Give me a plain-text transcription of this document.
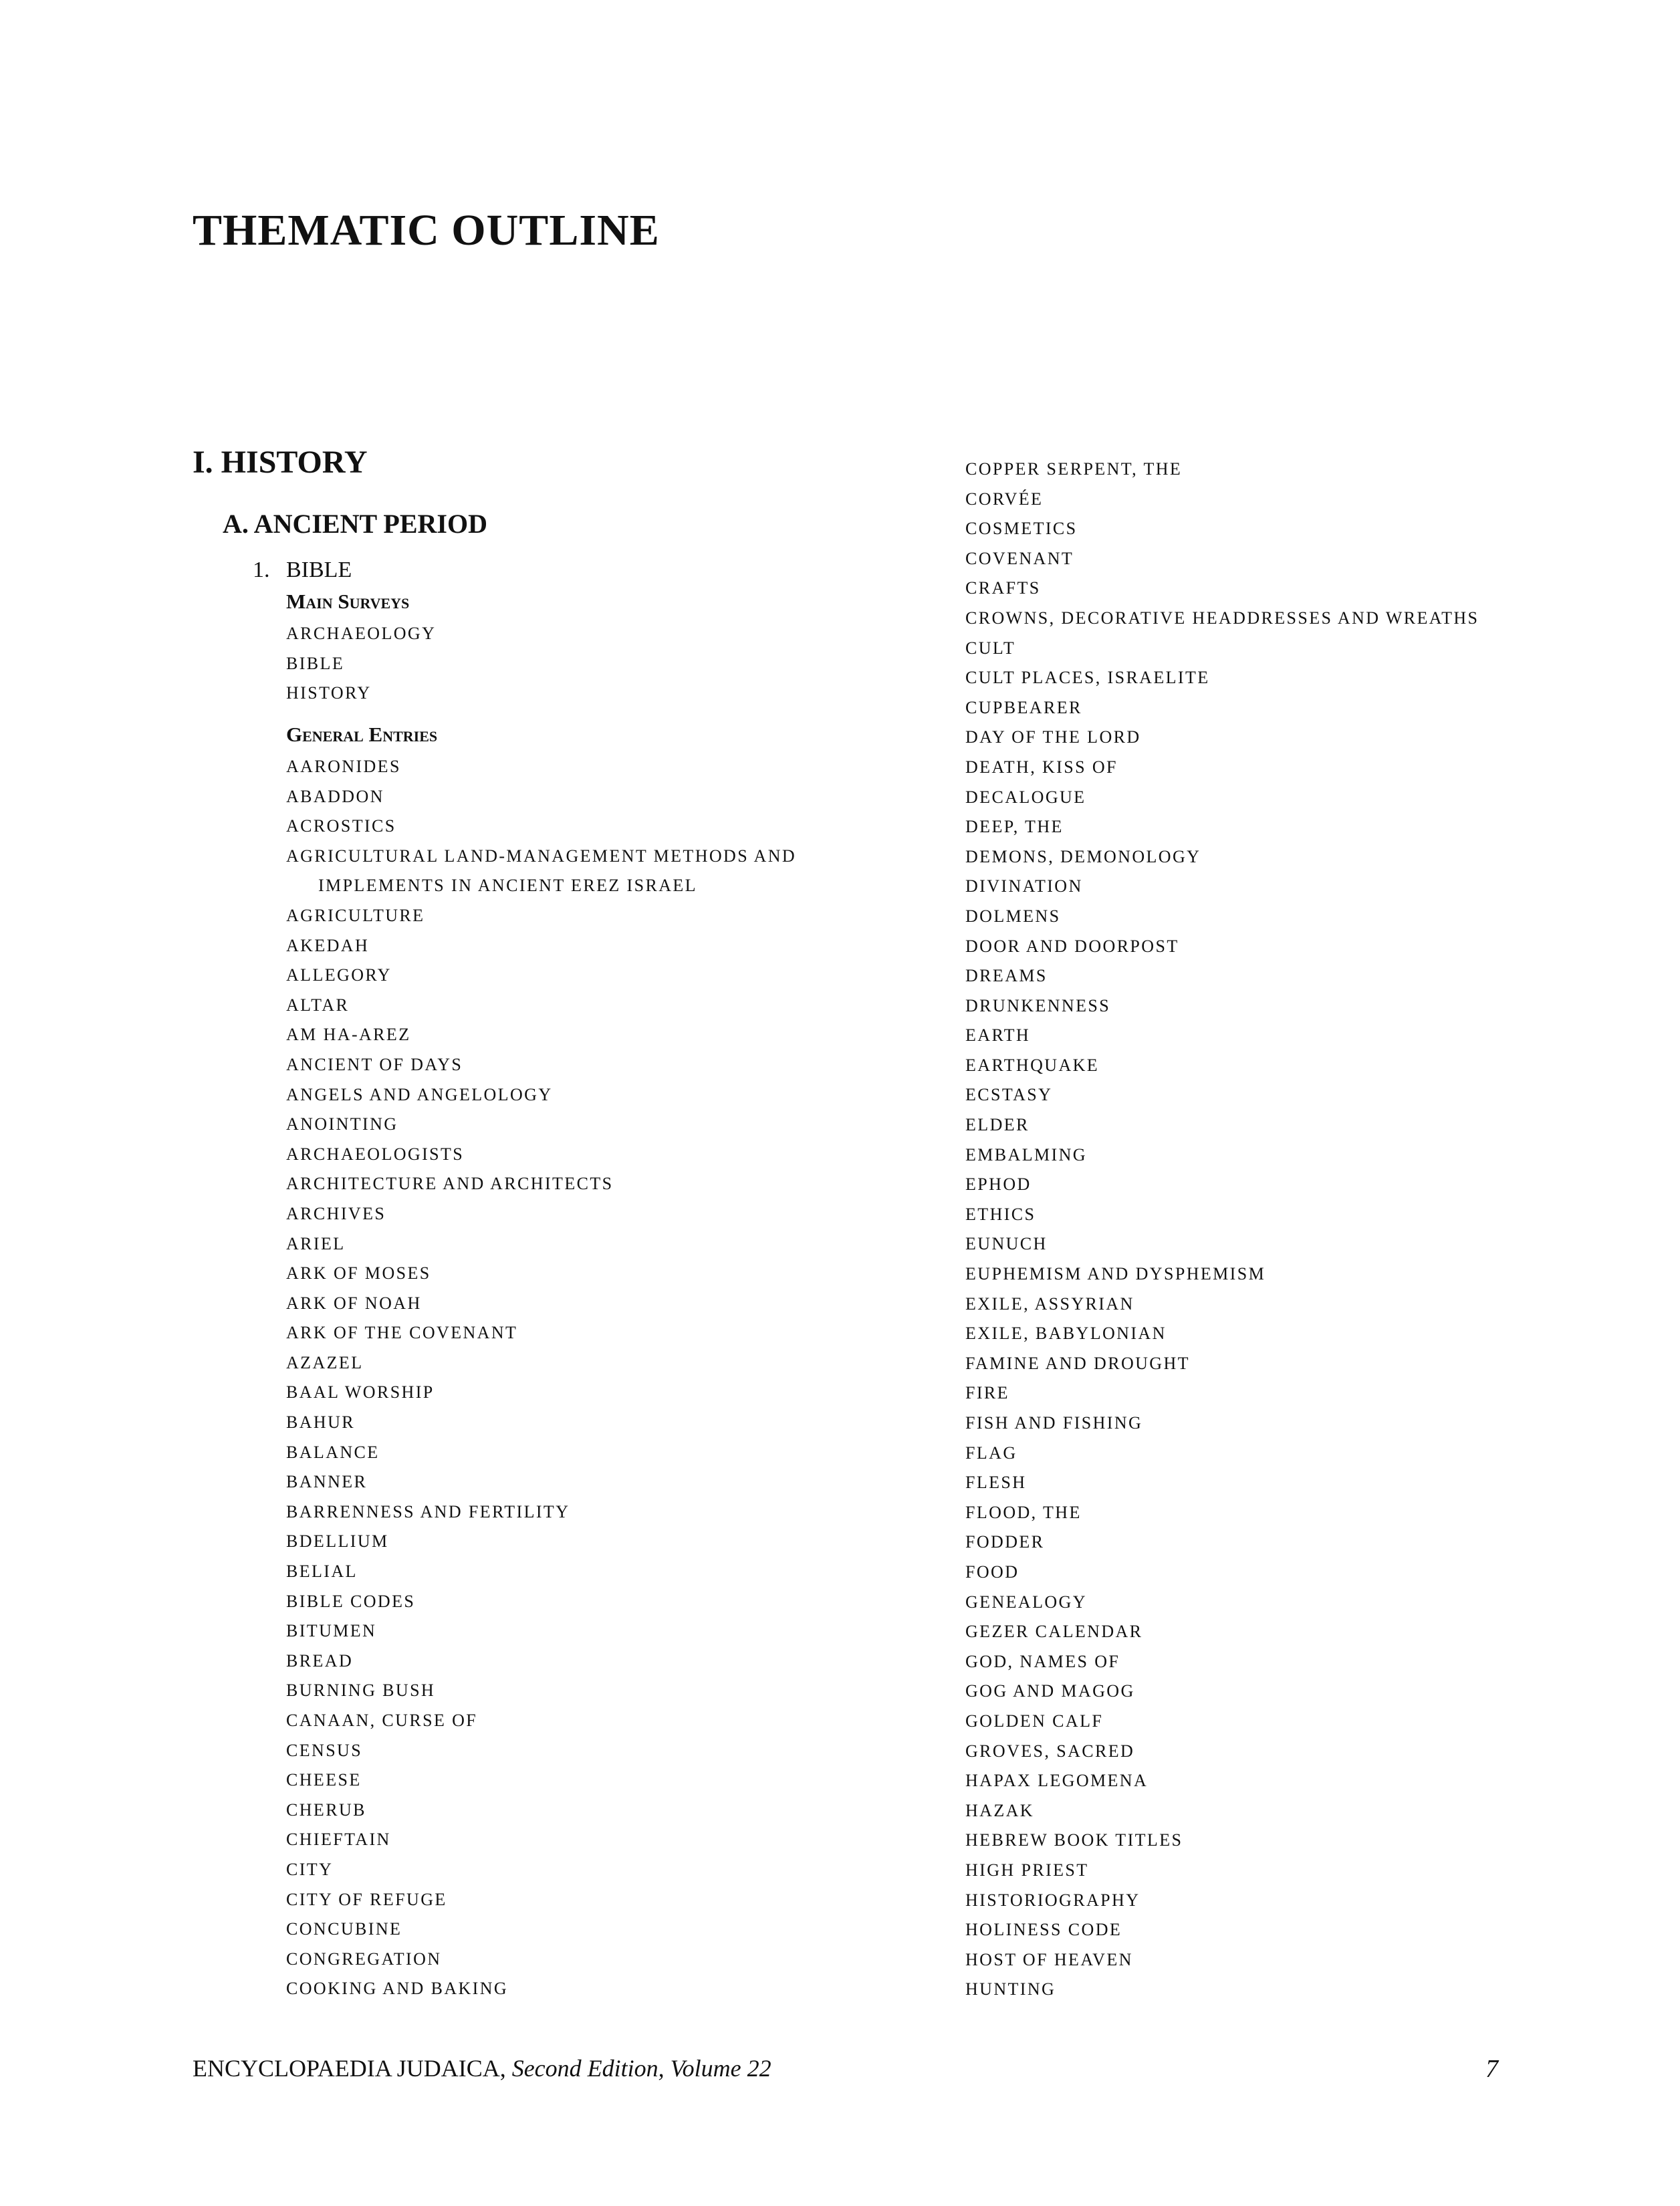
THEMATIC OUTLINE
I. HISTORY
A. ANCIENT PERIOD
1. BIBLE
Main Surveys
ARCHAEOLOGY
BIBLE
HISTORY
General Entries
AARONIDES
ABADDON
ACROSTICS
AGRICULTURAL LAND-MANAGEMENT METHODS AND
IMPLEMENTS IN ANCIENT EREZ ISRAEL
AGRICULTURE
AKEDAH
ALLEGORY
ALTAR
AM HA-AREZ
ANCIENT OF DAYS
ANGELS AND ANGELOLOGY
ANOINTING
ARCHAEOLOGISTS
ARCHITECTURE AND ARCHITECTS
ARCHIVES
ARIEL
ARK OF MOSES
ARK OF NOAH
ARK OF THE COVENANT
AZAZEL
BAAL WORSHIP
BAHUR
BALANCE
BANNER
BARRENNESS AND FERTILITY
BDELLIUM
BELIAL
BIBLE CODES
BITUMEN
BREAD
BURNING BUSH
CANAAN, CURSE OF
CENSUS
CHEESE
CHERUB
CHIEFTAIN
CITY
CITY OF REFUGE
CONCUBINE
CONGREGATION
COOKING AND BAKING
COPPER SERPENT, THE
CORVÉE
COSMETICS
COVENANT
CRAFTS
CROWNS, DECORATIVE HEADDRESSES AND WREATHS
CULT
CULT PLACES, ISRAELITE
CUPBEARER
DAY OF THE LORD
DEATH, KISS OF
DECALOGUE
DEEP, THE
DEMONS, DEMONOLOGY
DIVINATION
DOLMENS
DOOR AND DOORPOST
DREAMS
DRUNKENNESS
EARTH
EARTHQUAKE
ECSTASY
ELDER
EMBALMING
EPHOD
ETHICS
EUNUCH
EUPHEMISM AND DYSPHEMISM
EXILE, ASSYRIAN
EXILE, BABYLONIAN
FAMINE AND DROUGHT
FIRE
FISH AND FISHING
FLAG
FLESH
FLOOD, THE
FODDER
FOOD
GENEALOGY
GEZER CALENDAR
GOD, NAMES OF
GOG AND MAGOG
GOLDEN CALF
GROVES, SACRED
HAPAX LEGOMENA
HAZAK
HEBREW BOOK TITLES
HIGH PRIEST
HISTORIOGRAPHY
HOLINESS CODE
HOST OF HEAVEN
HUNTING
ENCYCLOPAEDIA JUDAICA, Second Edition, Volume 22	7
